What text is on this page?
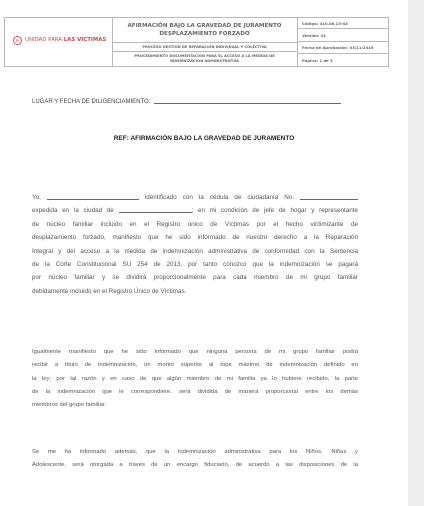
UNIDAD PARA LAS VÍCTIMAS
AFIRMACIÓN BAJO LA GRAVEDAD DE JURAMENTO DESPLAZAMIENTO FORZADO
PROCESO GESTIÓN DE REPARACIÓN INDIVIDUAL Y COLECTIVA
PROCEDIMIENTO DOCUMENTACIÓN PARA EL ACCESO A LA MEDIDA DE INDEMNIZACIÓN ADMINISTRATIVA
Código: 410.08.15-43
Versión: 01
Fecha de Aprobación: 03/11/2016
Página: 1 de 3
LUGAR Y FECHA DE DILIGENCIAMIENTO:
REF: AFIRMACIÓN BAJO LA GRAVEDAD DE JURAMENTO
Yo,	identificado con la cédula de ciudadanía No.
expedida en la ciudad de	; en mi condición de jefe de hogar y representante
de núcleo familiar incluido en el Registro único de Víctimas por el hecho victimizante de
desplazamiento forzado, manifiesto que he sido informado de nuestro derecho a la Reparación
Integral y del acceso a la medida de indemnización administrativa de conformidad con la Sentencia
de la Corte Constitucional SU 254 de 2013, por tanto conozco que la indemnización se pagará
por núcleo familiar y se dividirá proporcionalmente para cada miembro de mi grupo familiar
debidamente incluido en el Registro Único de Víctimas.
Igualmente manifiesto que he sido informado que ninguna persona de mi grupo familiar podrá
recibir a título de indemnización, un monto superior al tope máximo de indemnización definido en
la ley; por tal razón y en caso de que algún miembro de mi familia ya lo hubiere recibido, la parte
de la indemnización que le correspondiere, será dividida de manera proporcional entre los demás
miembros del grupo familiar.
Se me ha informado además, que la Indemnización administrativa para los Niños, Niñas y
Adolescente, será otorgada a través de un encargo fiduciario, de acuerdo a las disposiciones de la
